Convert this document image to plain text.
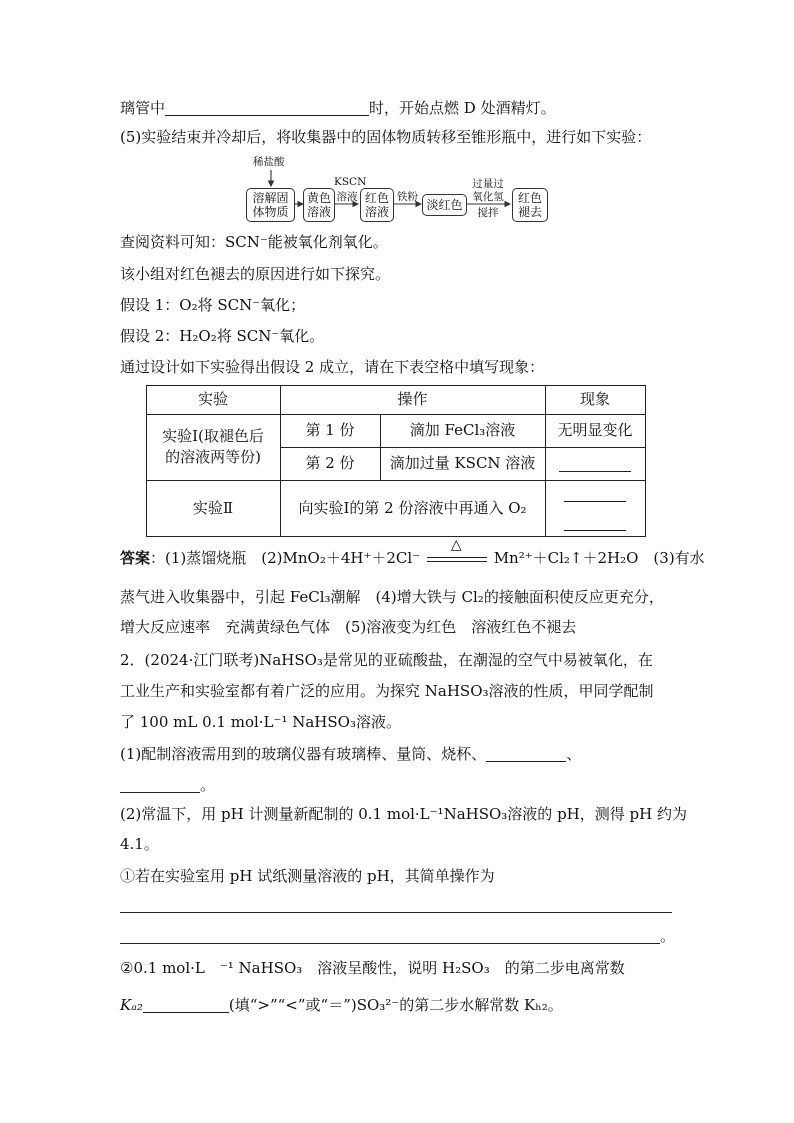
璃管中	时，开始点燃 D 处酒精灯。
(5)实验结束并冷却后，将收集器中的固体物质转移至锥形瓶中，进行如下实验：
稀盐酸
溶解固
体物质
黄色
溶液
KSCN
溶液 红色
溶液
铁粉
淡红色
过量过
氧化氢
搅拌
红色
褪去
查阅资料可知：SCN⁻能被氧化剂氧化。
该小组对红色褪去的原因进行如下探究。
假设 1：O₂将 SCN⁻氧化；
假设 2：H₂O₂将 SCN⁻氧化。
通过设计如下实验得出假设 2 成立，请在下表空格中填写现象：
实验	操作	现象
实验Ⅰ(取褪色后
的溶液两等份)
第 1 份	滴加 FeCl₃溶液	无明显变化
第 2 份	滴加过量 KSCN 溶液
实验Ⅱ	向实验Ⅰ的第 2 份溶液中再通入 O₂
答案：(1)蒸馏烧瓶　(2)MnO₂＋4H⁺＋2Cl⁻
△
Mn²⁺＋Cl₂↑＋2H₂O　(3)有水
蒸气进入收集器中，引起 FeCl₃潮解　(4)增大铁与 Cl₂的接触面积使反应更充分，
增大反应速率　充满黄绿色气体　(5)溶液变为红色　溶液红色不褪去
2．(2024·江门联考)NaHSO₃是常见的亚硫酸盐，在潮湿的空气中易被氧化，在
工业生产和实验室都有着广泛的应用。为探究 NaHSO₃溶液的性质，甲同学配制
了 100 mL 0.1 mol·L⁻¹ NaHSO₃溶液。
(1)配制溶液需用到的玻璃仪器有玻璃棒、量筒、烧杯、	、
。
(2)常温下，用 pH 计测量新配制的 0.1 mol·L⁻¹NaHSO₃溶液的 pH，测得 pH 约为
4.1。
①若在实验室用 pH 试纸测量溶液的 pH，其简单操作为
。
②0.1 mol·L　⁻¹ NaHSO₃　溶液呈酸性，说明 H₂SO₃　的第二步电离常数
Kₐ₂	(填“>”“<”或“＝”)SO₃²⁻的第二步水解常数 Kₕ₂。
